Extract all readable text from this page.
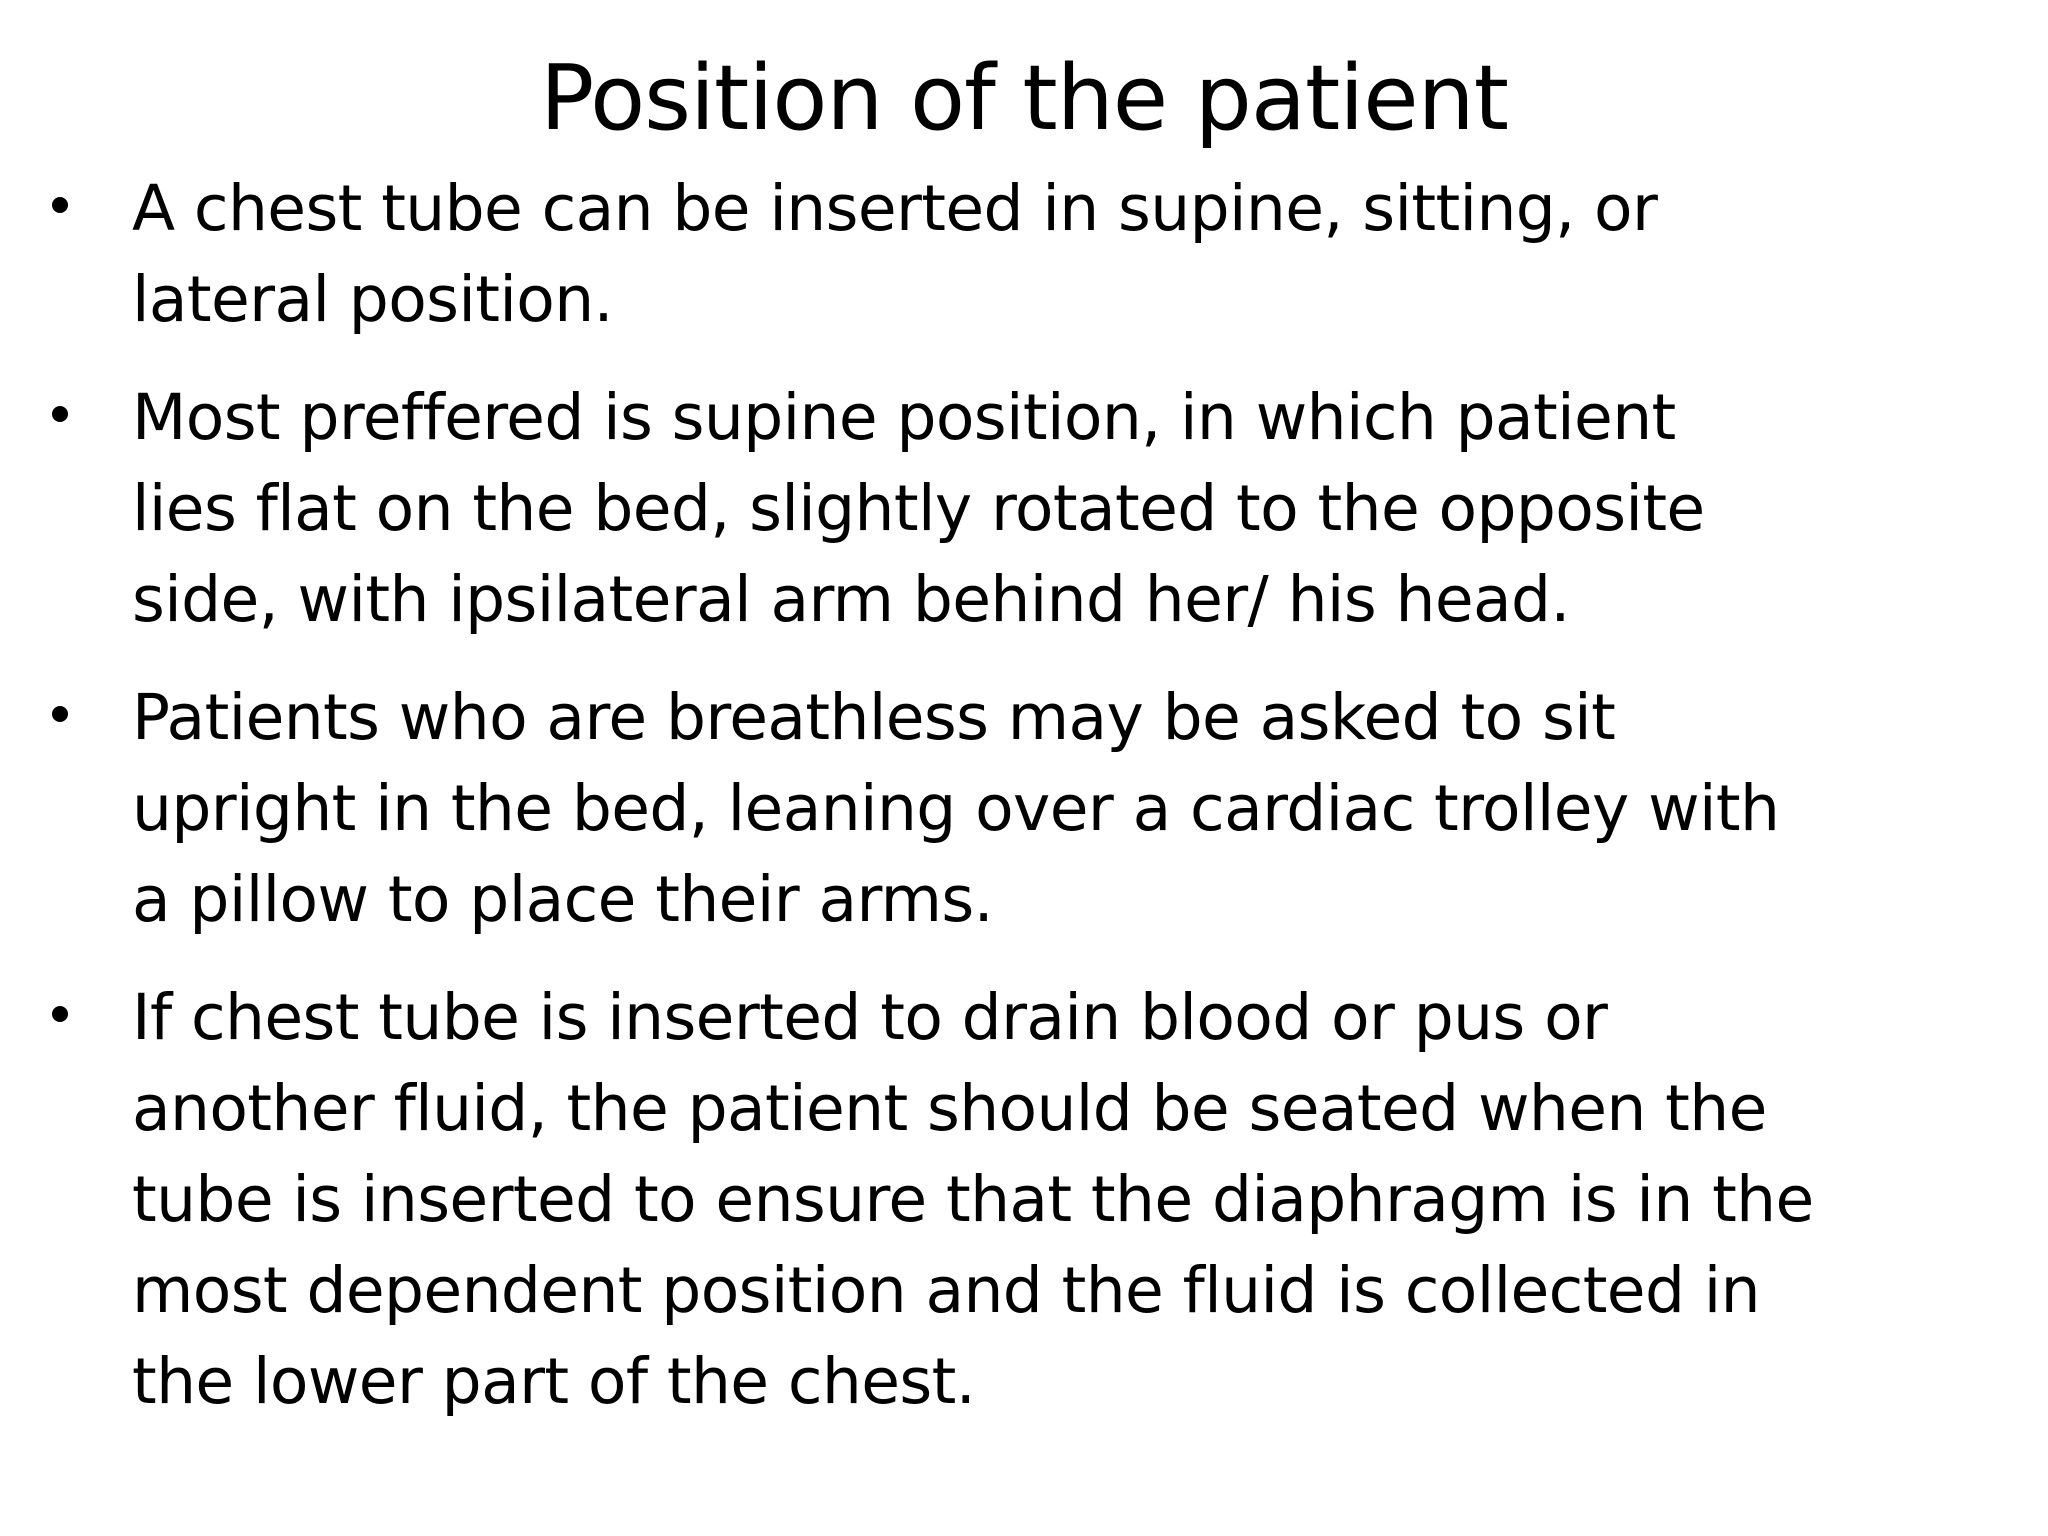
Position of the patient

A chest tube can be inserted in supine, sitting, or
lateral position.

Most preffered is supine position, in which patient
lies flat on the bed, slightly rotated to the opposite
side, with ipsilateral arm behind her/ his head.

Patients who are breathless may be asked to sit
upright in the bed, leaning over a cardiac trolley with
a pillow to place their arms.

If chest tube is inserted to drain blood or pus or
another fluid, the patient should be seated when the
tube is inserted to ensure that the diaphragm is in the
most dependent position and the fluid is collected in
the lower part of the chest.
